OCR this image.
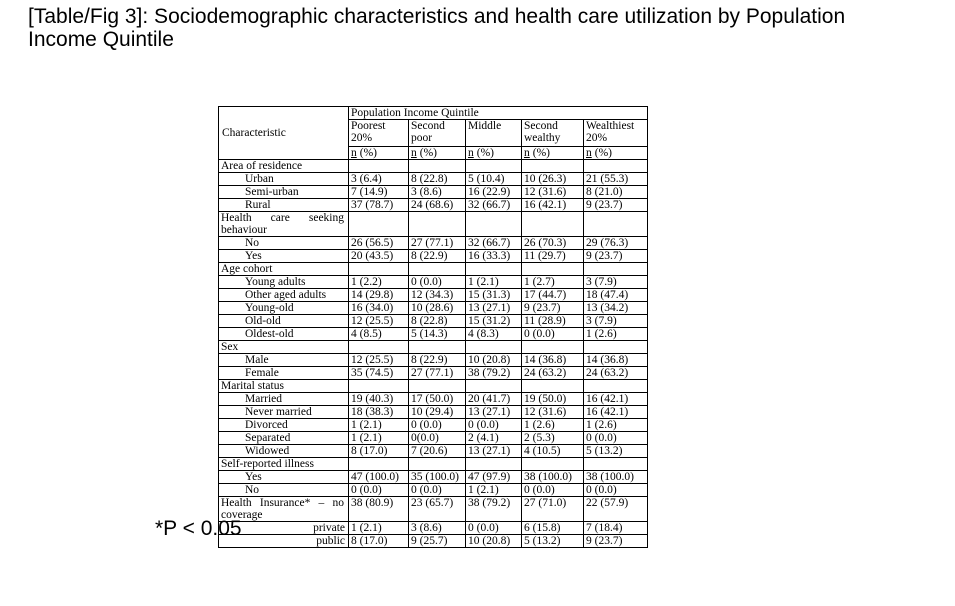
[Table/Fig 3]: Sociodemographic characteristics and health care utilization by Population Income Quintile
Characteristic	Population Income Quintile				
	Poorest 20%	Second poor	Middle	Second wealthy	Wealthiest 20%
	n (%)	n (%)	n (%)	n (%)	n (%)
Area of residence					
Urban	3 (6.4)	8 (22.8)	5 (10.4)	10 (26.3)	21 (55.3)
Semi-urban	7 (14.9)	3 (8.6)	16 (22.9)	12 (31.6)	8 (21.0)
Rural	37 (78.7)	24 (68.6)	32 (66.7)	16 (42.1)	9 (23.7)
Health care seeking behaviour					
No	26 (56.5)	27 (77.1)	32 (66.7)	26 (70.3)	29 (76.3)
Yes	20 (43.5)	8 (22.9)	16 (33.3)	11 (29.7)	9 (23.7)
Age cohort					
Young adults	1 (2.2)	0 (0.0)	1 (2.1)	1 (2.7)	3 (7.9)
Other aged adults	14 (29.8)	12 (34.3)	15 (31.3)	17 (44.7)	18 (47.4)
Young-old	16 (34.0)	10 (28.6)	13 (27.1)	9 (23.7)	13 (34.2)
Old-old	12 (25.5)	8 (22.8)	15 (31.2)	11 (28.9)	3 (7.9)
Oldest-old	4 (8.5)	5 (14.3)	4 (8.3)	0 (0.0)	1 (2.6)
Sex					
Male	12 (25.5)	8 (22.9)	10 (20.8)	14 (36.8)	14 (36.8)
Female	35 (74.5)	27 (77.1)	38 (79.2)	24 (63.2)	24 (63.2)
Marital status					
Married	19 (40.3)	17 (50.0)	20 (41.7)	19 (50.0)	16 (42.1)
Never married	18 (38.3)	10 (29.4)	13 (27.1)	12 (31.6)	16 (42.1)
Divorced	1 (2.1)	0 (0.0)	0 (0.0)	1 (2.6)	1 (2.6)
Separated	1 (2.1)	0(0.0)	2 (4.1)	2 (5.3)	0 (0.0)
Widowed	8 (17.0)	7 (20.6)	13 (27.1)	4 (10.5)	5 (13.2)
Self-reported illness					
Yes	47 (100.0)	35 (100.0)	47 (97.9)	38 (100.0)	38 (100.0)
No	0 (0.0)	0 (0.0)	1 (2.1)	0 (0.0)	0 (0.0)
Health Insurance* – no coverage	38 (80.9)	23 (65.7)	38 (79.2)	27 (71.0)	22 (57.9)
private	1 (2.1)	3 (8.6)	0 (0.0)	6 (15.8)	7 (18.4)
public	8 (17.0)	9 (25.7)	10 (20.8)	5 (13.2)	9 (23.7)
*P < 0.05
